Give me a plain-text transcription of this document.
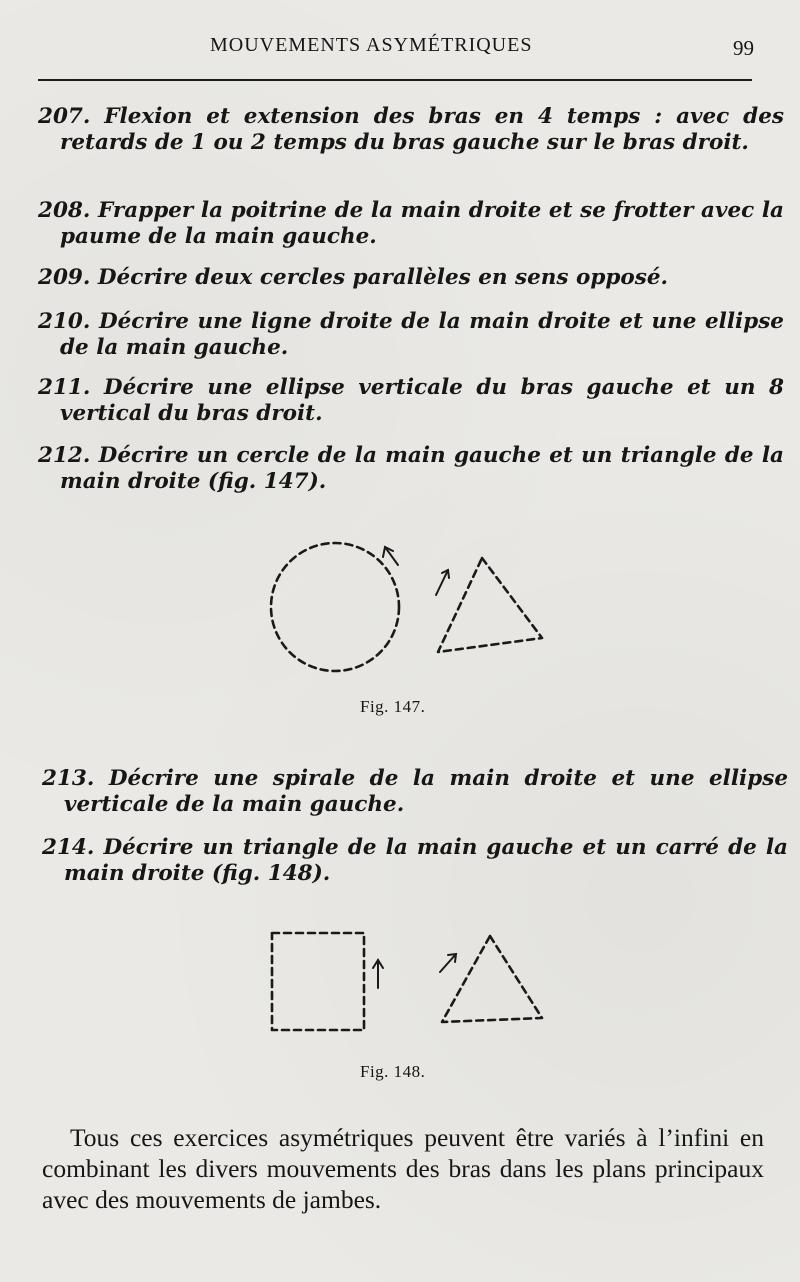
MOUVEMENTS ASYMÉTRIQUES	99

207. Flexion et extension des bras en 4 temps : avec des retards de 1 ou 2 temps du bras gauche sur le bras droit.

208. Frapper la poitrine de la main droite et se frotter avec la paume de la main gauche.

209. Décrire deux cercles parallèles en sens opposé.

210. Décrire une ligne droite de la main droite et une ellipse de la main gauche.

211. Décrire une ellipse verticale du bras gauche et un 8 vertical du bras droit.

212. Décrire un cercle de la main gauche et un triangle de la main droite (fig. 147).

Fig. 147.

213. Décrire une spirale de la main droite et une ellipse verticale de la main gauche.

214. Décrire un triangle de la main gauche et un carré de la main droite (fig. 148).

Fig. 148.

Tous ces exercices asymétriques peuvent être variés à l’infini en combinant les divers mouvements des bras dans les plans principaux avec des mouvements de jambes.
